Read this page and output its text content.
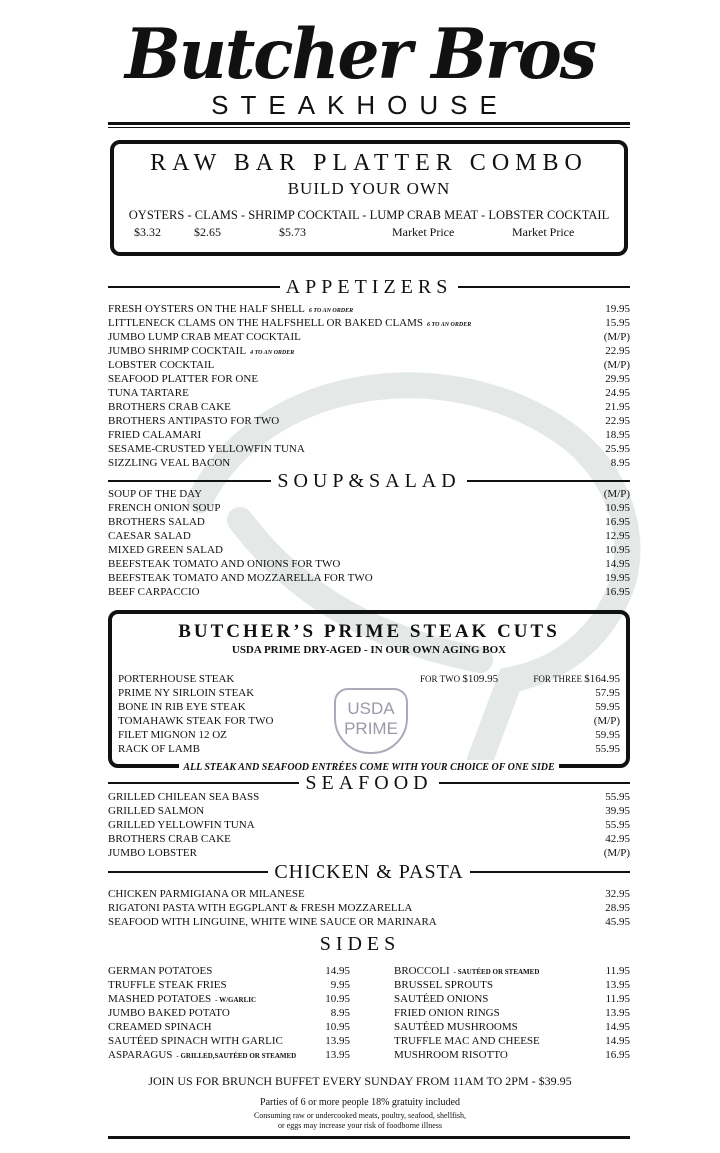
Butcher Bros
STEAKHOUSE
RAW BAR PLATTER COMBO
BUILD YOUR OWN
OYSTERS - CLAMS - SHRIMP COCKTAIL - LUMP CRAB MEAT - LOBSTER COCKTAIL
$3.32	$2.65	$5.73	Market Price	Market Price
APPETIZERS
FRESH OYSTERS ON THE HALF SHELL 6 TO AN ORDER	19.95
LITTLENECK CLAMS ON THE HALFSHELL OR BAKED CLAMS 6 TO AN ORDER	15.95
JUMBO LUMP CRAB MEAT COCKTAIL	(M/P)
JUMBO SHRIMP COCKTAIL 4 TO AN ORDER	22.95
LOBSTER COCKTAIL	(M/P)
SEAFOOD PLATTER FOR ONE	29.95
TUNA TARTARE	24.95
BROTHERS CRAB CAKE	21.95
BROTHERS ANTIPASTO FOR TWO	22.95
FRIED CALAMARI	18.95
SESAME-CRUSTED YELLOWFIN TUNA	25.95
SIZZLING VEAL BACON	8.95
SOUP&SALAD
SOUP OF THE DAY	(M/P)
FRENCH ONION SOUP	10.95
BROTHERS SALAD	16.95
CAESAR SALAD	12.95
MIXED GREEN SALAD	10.95
BEEFSTEAK TOMATO AND ONIONS FOR TWO	14.95
BEEFSTEAK TOMATO AND MOZZARELLA FOR TWO	19.95
BEEF CARPACCIO	16.95
BUTCHER’S PRIME STEAK CUTS
USDA PRIME DRY-AGED - IN OUR OWN AGING BOX
USDA
PRIME
PORTERHOUSE STEAK	FOR TWO $109.95	FOR THREE $164.95
PRIME NY SIRLOIN STEAK	57.95
BONE IN RIB EYE STEAK	59.95
TOMAHAWK STEAK FOR TWO	(M/P)
FILET MIGNON 12 OZ	59.95
RACK OF LAMB	55.95
ALL STEAK AND SEAFOOD ENTRÉES COME WITH YOUR CHOICE OF ONE SIDE
SEAFOOD
GRILLED CHILEAN SEA BASS	55.95
GRILLED SALMON	39.95
GRILLED YELLOWFIN TUNA	55.95
BROTHERS CRAB CAKE	42.95
JUMBO LOBSTER	(M/P)
CHICKEN & PASTA
CHICKEN PARMIGIANA OR MILANESE	32.95
RIGATONI PASTA WITH EGGPLANT & FRESH MOZZARELLA	28.95
SEAFOOD WITH LINGUINE, WHITE WINE SAUCE OR MARINARA	45.95
SIDES
GERMAN POTATOES	14.95
TRUFFLE STEAK FRIES	9.95
MASHED POTATOES - W/GARLIC	10.95
JUMBO BAKED POTATO	8.95
CREAMED SPINACH	10.95
SAUTÉED SPINACH WITH GARLIC	13.95
ASPARAGUS - GRILLED,SAUTÉED OR STEAMED	13.95
BROCCOLI - SAUTÉED OR STEAMED	11.95
BRUSSEL SPROUTS	13.95
SAUTÉED ONIONS	11.95
FRIED ONION RINGS	13.95
SAUTÉED MUSHROOMS	14.95
TRUFFLE MAC AND CHEESE	14.95
MUSHROOM RISOTTO	16.95
JOIN US FOR BRUNCH BUFFET EVERY SUNDAY FROM 11AM TO 2PM - $39.95
Parties of 6 or more people 18% gratuity included
Consuming raw or undercooked meats, poultry, seafood, shellfish,
or eggs may increase your risk of foodborne illness
